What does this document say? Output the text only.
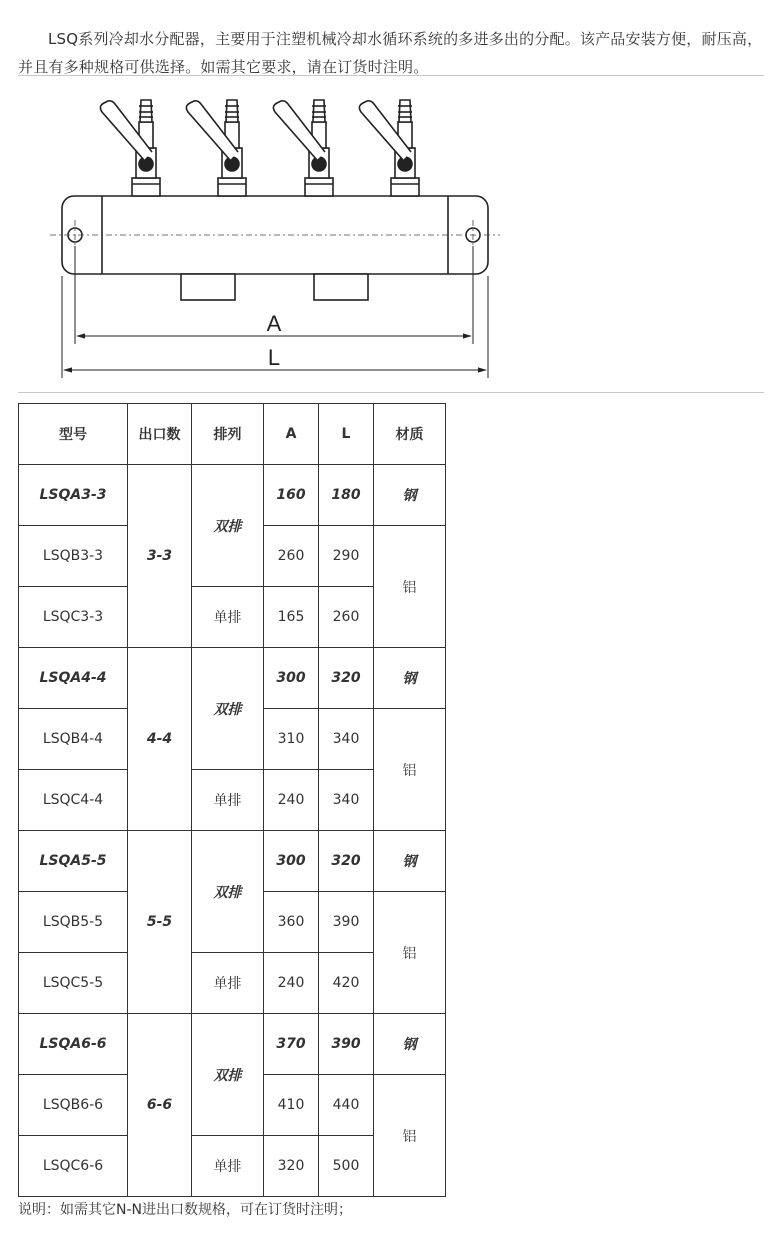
LSQ系列冷却水分配器，主要用于注塑机械冷却水循环系统的多进多出的分配。该产品安装方便，耐压高，并且有多种规格可供选择。如需其它要求，请在订货时注明。

A
L
型号	出口数	排列	A	L	材质
LSQA3-3	3-3	双排	160	180	钢
LSQB3-3			260	290	铝
LSQC3-3		单排	165	260	
LSQA4-4	4-4	双排	300	320	钢
LSQB4-4			310	340	铝
LSQC4-4		单排	240	340	
LSQA5-5	5-5	双排	300	320	钢
LSQB5-5			360	390	铝
LSQC5-5		单排	240	420	
LSQA6-6	6-6	双排	370	390	钢
LSQB6-6			410	440	铝
LSQC6-6		单排	320	500	
说明：如需其它N-N进出口数规格，可在订货时注明；
